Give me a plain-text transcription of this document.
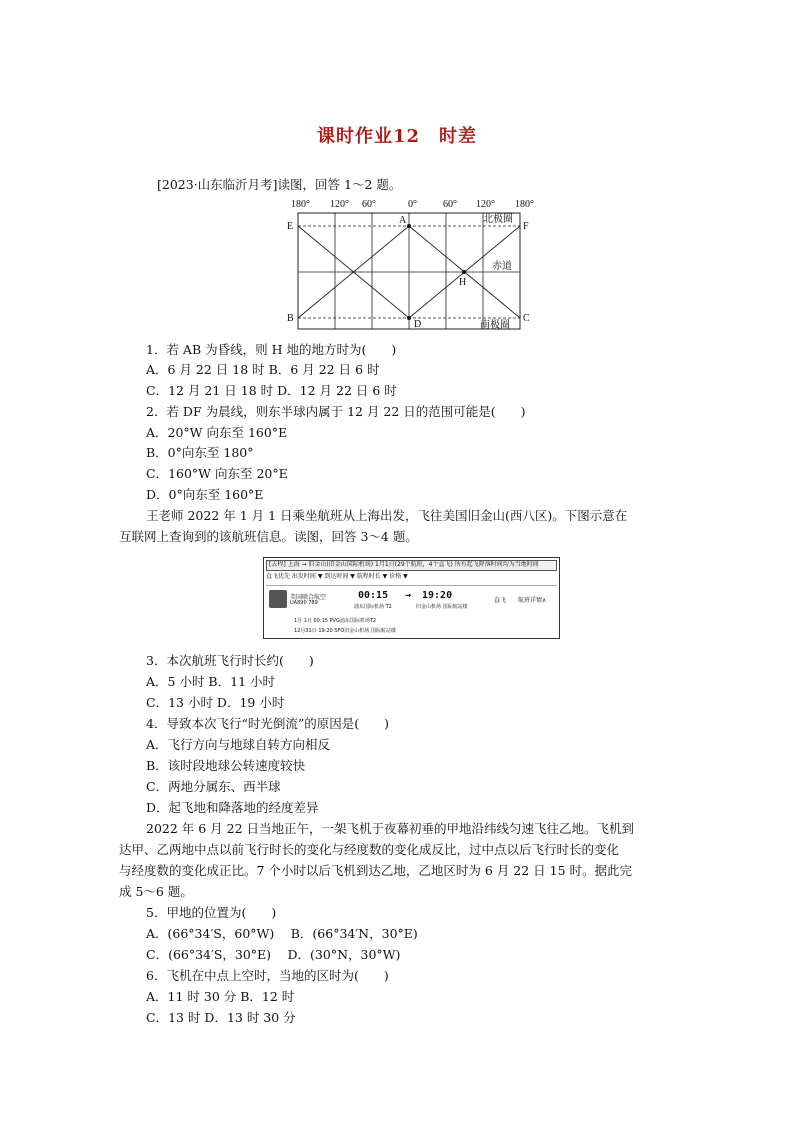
课时作业12　时差
[2023·山东临沂月考]读图，回答 1～2 题。
180° 120° 60°	0°	60° 120° 180°
E	F
A
B	C
D
H
北极圈
赤道
南极圈
1．若 AB 为昏线，则 H 地的地方时为(　　)
A．6 月 22 日 18 时 B．6 月 22 日 6 时
C．12 月 21 日 18 时 D．12 月 22 日 6 时
2．若 DF 为晨线，则东半球内属于 12 月 22 日的范围可能是(　　)
A．20°W 向东至 160°E
B．0°向东至 180°
C．160°W 向东至 20°E
D．0°向东至 160°E
王老师 2022 年 1 月 1 日乘坐航班从上海出发，飞往美国旧金山(西八区)。下图示意在
互联网上查询到的该航班信息。读图，回答 3～4 题。
[去程] 上海 → 旧金山(旧金山国际机场) 1月1日(29个航班，4个直飞) 所有起飞降落时间均为当地时间
直飞优先 出发时间 ▼ 到达时间 ▼ 航程时长 ▼ 价格 ▼
美国联合航空
UA890 789
00:15 → 19:20	直飞 航班详情∧
浦东国际机场 T2	旧金山机场 国际航站楼
1月 1日 00:15 PVG浦东国际机场T2
12月31日 19:20 SFO旧金山机场 国际航站楼
3．本次航班飞行时长约(　　)
A．5 小时 B．11 小时
C．13 小时 D．19 小时
4．导致本次飞行“时光倒流”的原因是(　　)
A．飞行方向与地球自转方向相反
B．该时段地球公转速度较快
C．两地分属东、西半球
D．起飞地和降落地的经度差异
2022 年 6 月 22 日当地正午，一架飞机于夜幕初垂的甲地沿纬线匀速飞往乙地。飞机到
达甲、乙两地中点以前飞行时长的变化与经度数的变化成反比，过中点以后飞行时长的变化
与经度数的变化成正比。7 个小时以后飞机到达乙地，乙地区时为 6 月 22 日 15 时。据此完
成 5～6 题。
5．甲地的位置为(　　)
A．(66°34′S，60°W)　 B．(66°34′N，30°E)
C．(66°34′S，30°E)　 D．(30°N，30°W)
6．飞机在中点上空时，当地的区时为(　　)
A．11 时 30 分 B．12 时
C．13 时 D．13 时 30 分
